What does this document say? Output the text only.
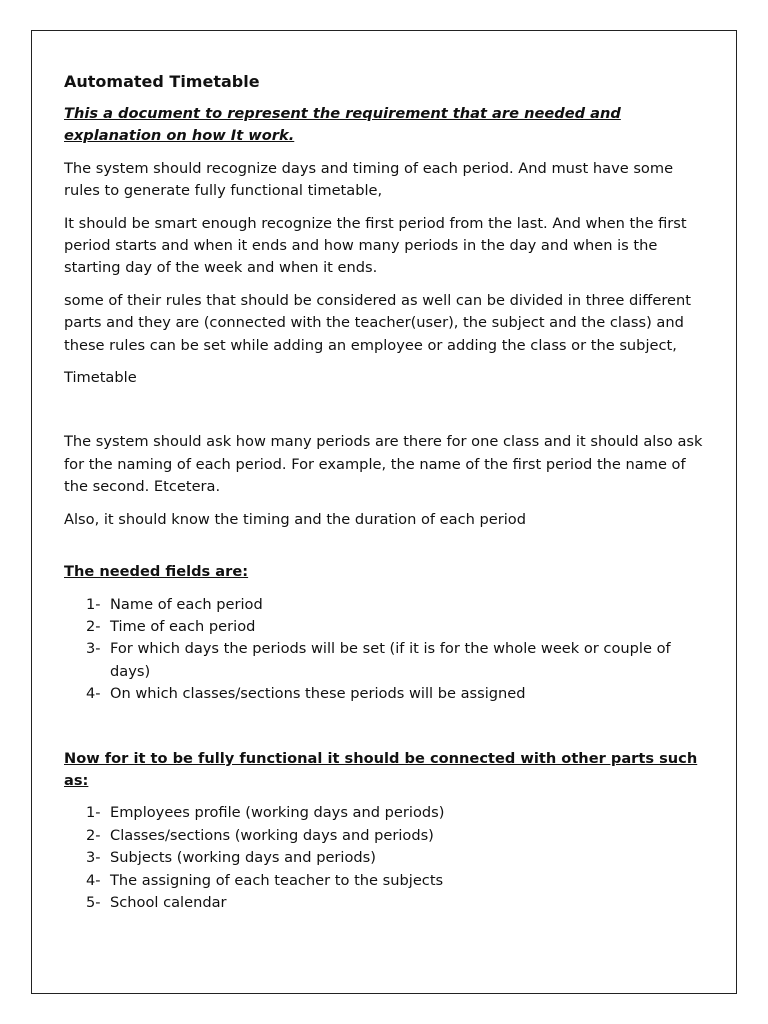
Automated Timetable
This a document to represent the requirement that are needed and explanation on how It work.

The system should recognize days and timing of each period. And must have some rules to generate fully functional timetable,

It should be smart enough recognize the first period from the last. And when the first period starts and when it ends and how many periods in the day and when is the starting day of the week and when it ends.

some of their rules that should be considered as well can be divided in three different parts and they are (connected with the teacher(user), the subject and the class) and these rules can be set while adding an employee or adding the class or the subject,

Timetable

The system should ask how many periods are there for one class and it should also ask for the naming of each period. For example, the name of the first period the name of the second. Etcetera.

Also, it should know the timing and the duration of each period

The needed fields are:
1- Name of each period
2- Time of each period
3- For which days the periods will be set (if it is for the whole week or couple of days)
4- On which classes/sections these periods will be assigned
Now for it to be fully functional it should be connected with other parts such as:
1- Employees profile (working days and periods)
2- Classes/sections (working days and periods)
3- Subjects (working days and periods)
4- The assigning of each teacher to the subjects
5- School calendar
